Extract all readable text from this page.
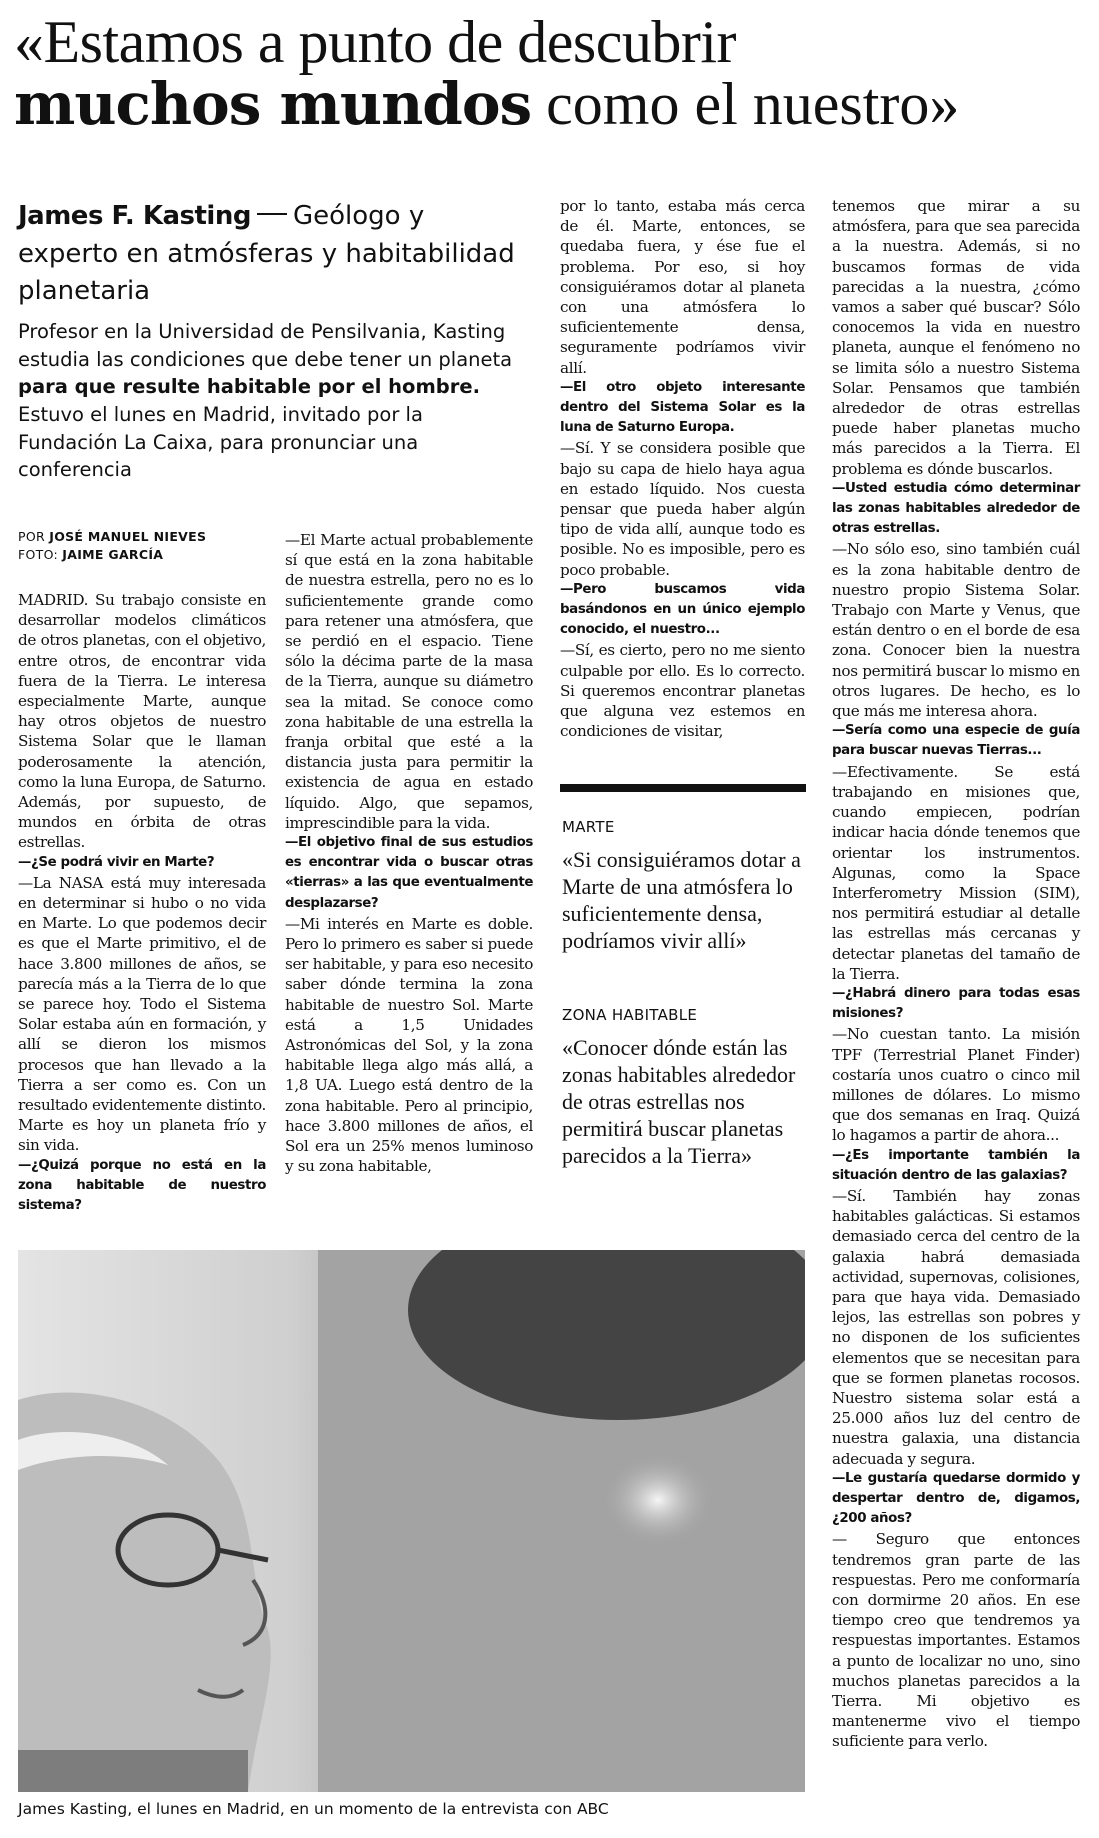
«Estamos a punto de descubrir
muchos mundos como el nuestro»
James F. Kasting Geólogo y experto en atmósferas y habitabilidad planetaria
Profesor en la Universidad de Pensilvania, Kasting estudia las condiciones que debe tener un planeta para que resulte habitable por el hombre. Estuvo el lunes en Madrid, invitado por la Fundación La Caixa, para pronunciar una conferencia
POR JOSÉ MANUEL NIEVES
FOTO: JAIME GARCÍA

MADRID. Su trabajo consiste en desarrollar modelos climáticos de otros planetas, con el objetivo, entre otros, de encontrar vida fuera de la Tierra. Le interesa especialmente Marte, aunque hay otros objetos de nuestro Sistema Solar que le llaman poderosamente la atención, como la luna Europa, de Saturno. Además, por supuesto, de mundos en órbita de otras estrellas.

—¿Se podrá vivir en Marte?

—La NASA está muy interesada en determinar si hubo o no vida en Marte. Lo que podemos decir es que el Marte primitivo, el de hace 3.800 millones de años, se parecía más a la Tierra de lo que se parece hoy. Todo el Sistema Solar estaba aún en formación, y allí se dieron los mismos procesos que han llevado a la Tierra a ser como es. Con un resultado evidentemente distinto. Marte es hoy un planeta frío y sin vida.

—¿Quizá porque no está en la zona habitable de nuestro sistema?

—El Marte actual probablemente sí que está en la zona habitable de nuestra estrella, pero no es lo suficientemente grande como para retener una atmósfera, que se perdió en el espacio. Tiene sólo la décima parte de la masa de la Tierra, aunque su diámetro sea la mitad. Se conoce como zona habitable de una estrella la franja orbital que esté a la distancia justa para permitir la existencia de agua en estado líquido. Algo, que sepamos, imprescindible para la vida.

—El objetivo final de sus estudios es encontrar vida o buscar otras «tierras» a las que eventualmente desplazarse?

—Mi interés en Marte es doble. Pero lo primero es saber si puede ser habitable, y para eso necesito saber dónde termina la zona habitable de nuestro Sol. Marte está a 1,5 Unidades Astronómicas del Sol, y la zona habitable llega algo más allá, a 1,8 UA. Luego está dentro de la zona habitable. Pero al principio, hace 3.800 millones de años, el Sol era un 25% menos luminoso y su zona habitable,

por lo tanto, estaba más cerca de él. Marte, entonces, se quedaba fuera, y ése fue el problema. Por eso, si hoy consiguiéramos dotar al planeta con una atmósfera lo suficientemente densa, seguramente podríamos vivir allí.

—El otro objeto interesante dentro del Sistema Solar es la luna de Saturno Europa.

—Sí. Y se considera posible que bajo su capa de hielo haya agua en estado líquido. Nos cuesta pensar que pueda haber algún tipo de vida allí, aunque todo es posible. No es imposible, pero es poco probable.

—Pero buscamos vida basándonos en un único ejemplo conocido, el nuestro...

—Sí, es cierto, pero no me siento culpable por ello. Es lo correcto. Si queremos encontrar planetas que alguna vez estemos en condiciones de visitar,

tenemos que mirar a su atmósfera, para que sea parecida a la nuestra. Además, si no buscamos formas de vida parecidas a la nuestra, ¿cómo vamos a saber qué buscar? Sólo conocemos la vida en nuestro planeta, aunque el fenómeno no se limita sólo a nuestro Sistema Solar. Pensamos que también alrededor de otras estrellas puede haber planetas mucho más parecidos a la Tierra. El problema es dónde buscarlos.

—Usted estudia cómo determinar las zonas habitables alrededor de otras estrellas.

—No sólo eso, sino también cuál es la zona habitable dentro de nuestro propio Sistema Solar. Trabajo con Marte y Venus, que están dentro o en el borde de esa zona. Conocer bien la nuestra nos permitirá buscar lo mismo en otros lugares. De hecho, es lo que más me interesa ahora.

—Sería como una especie de guía para buscar nuevas Tierras...

—Efectivamente. Se está trabajando en misiones que, cuando empiecen, podrían indicar hacia dónde tenemos que orientar los instrumentos. Algunas, como la Space Interferometry Mission (SIM), nos permitirá estudiar al detalle las estrellas más cercanas y detectar planetas del tamaño de la Tierra.

—¿Habrá dinero para todas esas misiones?

—No cuestan tanto. La misión TPF (Terrestrial Planet Finder) costaría unos cuatro o cinco mil millones de dólares. Lo mismo que dos semanas en Iraq. Quizá lo hagamos a partir de ahora...

—¿Es importante también la situación dentro de las galaxias?

—Sí. También hay zonas habitables galácticas. Si estamos demasiado cerca del centro de la galaxia habrá demasiada actividad, supernovas, colisiones, para que haya vida. Demasiado lejos, las estrellas son pobres y no disponen de los suficientes elementos que se necesitan para que se formen planetas rocosos. Nuestro sistema solar está a 25.000 años luz del centro de nuestra galaxia, una distancia adecuada y segura.

—Le gustaría quedarse dormido y despertar dentro de, digamos, ¿200 años?

— Seguro que entonces tendremos gran parte de las respuestas. Pero me conformaría con dormirme 20 años. En ese tiempo creo que tendremos ya respuestas importantes. Estamos a punto de localizar no uno, sino muchos planetas parecidos a la Tierra. Mi objetivo es mantenerme vivo el tiempo suficiente para verlo.

MARTE
«Si consiguiéramos dotar a Marte de una atmósfera lo suficientemente densa, podríamos vivir allí»
ZONA HABITABLE
«Conocer dónde están las zonas habitables alrededor de otras estrellas nos permitirá buscar planetas parecidos a la Tierra»
James Kasting, el lunes en Madrid, en un momento de la entrevista con ABC
